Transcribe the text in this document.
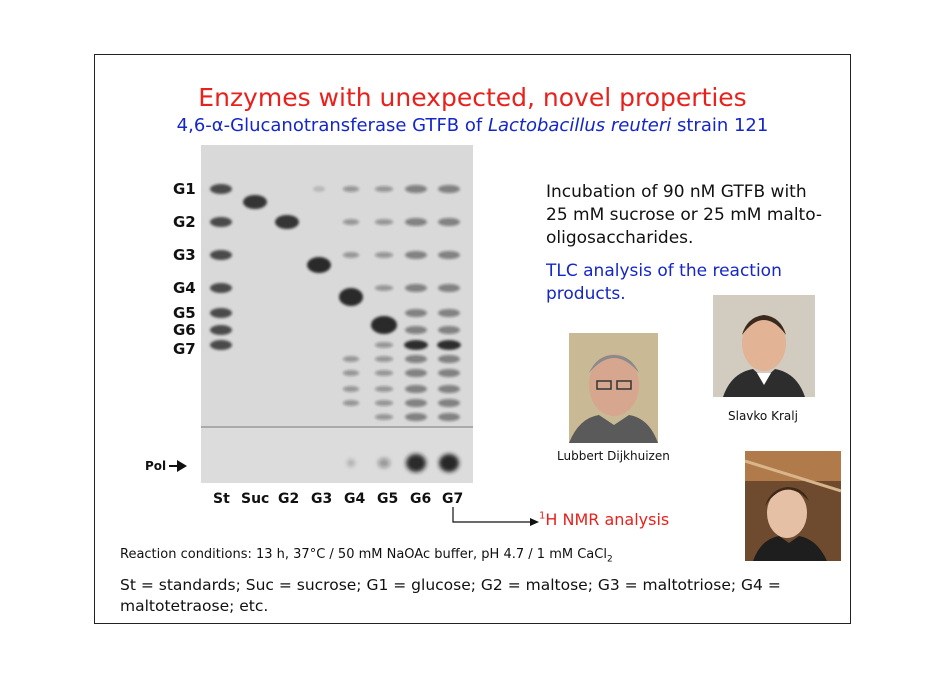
Enzymes with unexpected, novel properties
4,6-α-Glucanotransferase GTFB of Lactobacillus reuteri strain 121
G1
G2
G3
G4
G5
G6
G7
Pol
St Suc G2 G3 G4 G5 G6 G7
Incubation of 90 nM GTFB with 25 mM sucrose or 25 mM malto-oligosaccharides.
TLC analysis of the reaction products.
Lubbert Dijkhuizen
Slavko Kralj
$^1$H NMR analysis
Reaction conditions: 13 h, 37°C / 50 mM NaOAc buffer, pH 4.7 / 1 mM CaCl$_2$
St = standards; Suc = sucrose; G1 = glucose; G2 = maltose; G3 = maltotriose; G4 = maltotetraose; etc.
